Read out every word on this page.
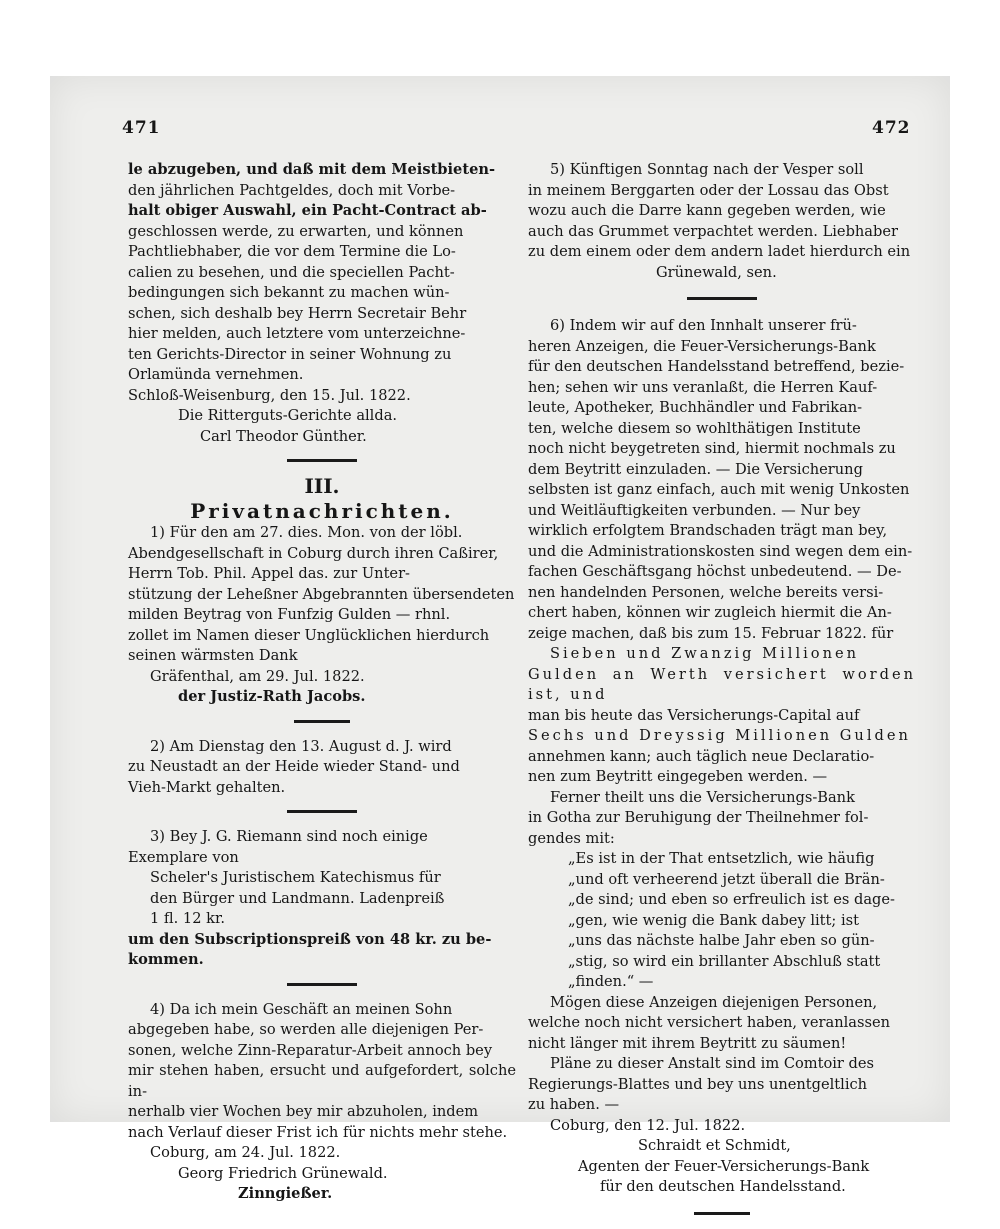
471	472
le abzugeben, und daß mit dem Meistbieten-
den jährlichen Pachtgeldes, doch mit Vorbe-
halt obiger Auswahl, ein Pacht-Contract ab-
geschlossen werde, zu erwarten, und können
Pachtliebhaber, die vor dem Termine die Lo-
calien zu besehen, und die speciellen Pacht-
bedingungen sich bekannt zu machen wün-
schen, sich deshalb bey Herrn Secretair Behr
hier melden, auch letztere vom unterzeichne-
ten Gerichts-Director in seiner Wohnung zu
Orlamünda vernehmen.
Schloß-Weisenburg, den 15. Jul. 1822.
Die Ritterguts-Gerichte allda.
Carl Theodor Günther.
III.
Privatnachrichten.
1) Für den am 27. dies. Mon. von der löbl.
Abendgesellschaft in Coburg durch ihren Caßirer,
Herrn Tob. Phil. Appel das. zur Unter-
stützung der Leheßner Abgebrannten übersendeten
milden Beytrag von Funfzig Gulden — rhnl.
zollet im Namen dieser Unglücklichen hierdurch
seinen wärmsten Dank
Gräfenthal, am 29. Jul. 1822.
der Justiz-Rath Jacobs.
2) Am Dienstag den 13. August d. J. wird
zu Neustadt an der Heide wieder Stand- und
Vieh-Markt gehalten.
3) Bey J. G. Riemann sind noch einige
Exemplare von
Scheler's Juristischem Katechismus für
den Bürger und Landmann. Ladenpreiß
1 fl. 12 kr.
um den Subscriptionspreiß von 48 kr. zu be-
kommen.
4) Da ich mein Geschäft an meinen Sohn
abgegeben habe, so werden alle diejenigen Per-
sonen, welche Zinn-Reparatur-Arbeit annoch bey
mir stehen haben, ersucht und aufgefordert, solche in-
nerhalb vier Wochen bey mir abzuholen, indem
nach Verlauf dieser Frist ich für nichts mehr stehe.
Coburg, am 24. Jul. 1822.
Georg Friedrich Grünewald.
Zinngießer.
5) Künftigen Sonntag nach der Vesper soll
in meinem Berggarten oder der Lossau das Obst
wozu auch die Darre kann gegeben werden, wie
auch das Grummet verpachtet werden. Liebhaber
zu dem einem oder dem andern ladet hierdurch ein
Grünewald, sen.
6) Indem wir auf den Innhalt unserer frü-
heren Anzeigen, die Feuer-Versicherungs-Bank
für den deutschen Handelsstand betreffend, bezie-
hen; sehen wir uns veranlaßt, die Herren Kauf-
leute, Apotheker, Buchhändler und Fabrikan-
ten, welche diesem so wohlthätigen Institute
noch nicht beygetreten sind, hiermit nochmals zu
dem Beytritt einzuladen. — Die Versicherung
selbsten ist ganz einfach, auch mit wenig Unkosten
und Weitläuftigkeiten verbunden. — Nur bey
wirklich erfolgtem Brandschaden trägt man bey,
und die Administrationskosten sind wegen dem ein-
fachen Geschäftsgang höchst unbedeutend. — De-
nen handelnden Personen, welche bereits versi-
chert haben, können wir zugleich hiermit die An-
zeige machen, daß bis zum 15. Februar 1822. für
Sieben und Zwanzig Millionen
Gulden an Werth versichert worden ist, und
man bis heute das Versicherungs-Capital auf
Sechs und Dreyssig Millionen Gulden
annehmen kann; auch täglich neue Declaratio-
nen zum Beytritt eingegeben werden. —
Ferner theilt uns die Versicherungs-Bank
in Gotha zur Beruhigung der Theilnehmer fol-
gendes mit:
„Es ist in der That entsetzlich, wie häufig
„und oft verheerend jetzt überall die Brän-
„de sind; und eben so erfreulich ist es dage-
„gen, wie wenig die Bank dabey litt; ist
„uns das nächste halbe Jahr eben so gün-
„stig, so wird ein brillanter Abschluß statt
„finden.“ —
Mögen diese Anzeigen diejenigen Personen,
welche noch nicht versichert haben, veranlassen
nicht länger mit ihrem Beytritt zu säumen!
Pläne zu dieser Anstalt sind im Comtoir des
Regierungs-Blattes und bey uns unentgeltlich
zu haben. —
Coburg, den 12. Jul. 1822.
Schraidt et Schmidt,
Agenten der Feuer-Versicherungs-Bank
für den deutschen Handelsstand.
